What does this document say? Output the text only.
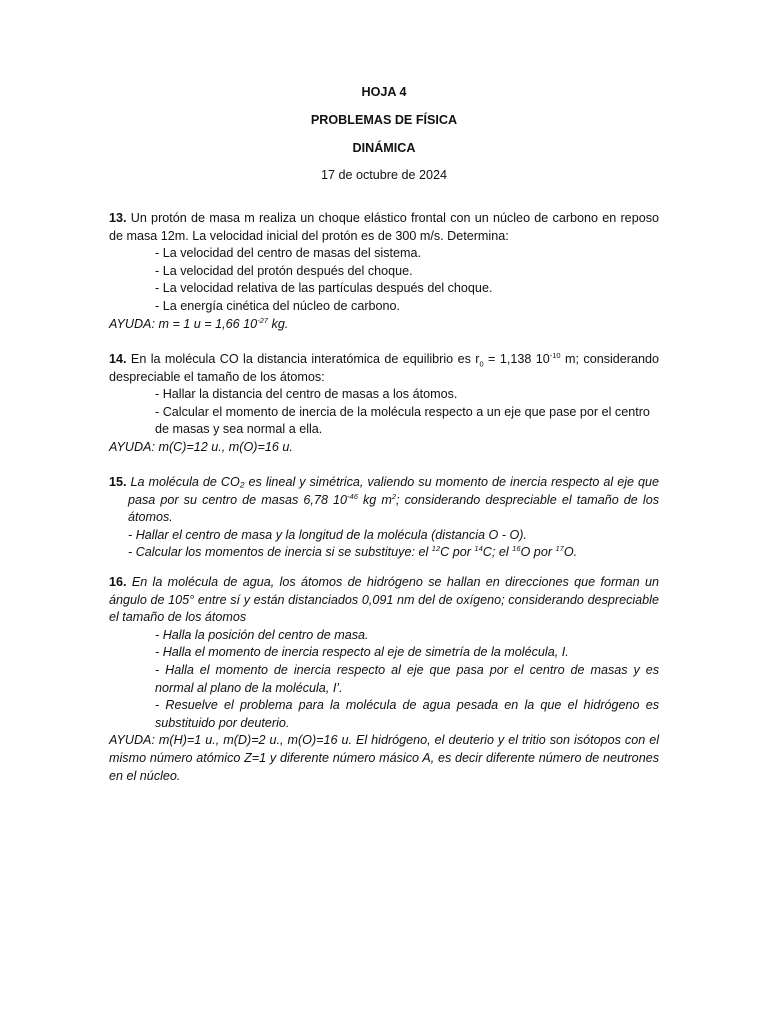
HOJA 4
PROBLEMAS DE FÍSICA
DINÁMICA
17 de octubre de 2024

13. Un protón de masa m realiza un choque elástico frontal con un núcleo de carbono en reposo de masa 12m. La velocidad inicial del protón es de 300 m/s. Determina:

- La velocidad del centro de masas del sistema.

- La velocidad del protón después del choque.

- La velocidad relativa de las partículas después del choque.

- La energía cinética del núcleo de carbono.

AYUDA: m = 1 u = 1,66 $10^{-27}$ kg.

14. En la molécula CO la distancia interatómica de equilibrio es $r_0 = 1,138$ $10^{-10}$ m; considerando despreciable el tamaño de los átomos:

- Hallar la distancia del centro de masas a los átomos.

- Calcular el momento de inercia de la molécula respecto a un eje que pase por el centro de masas y sea normal a ella.

AYUDA: m(C)=12 u., m(O)=16 u.

15. La molécula de CO₂ es lineal y simétrica, valiendo su momento de inercia respecto al eje que pasa por su centro de masas 6,78 $10^{-46}$ kg $m^2$; considerando despreciable el tamaño de los átomos.

- Hallar el centro de masa y la longitud de la molécula (distancia O - O).

- Calcular los momentos de inercia si se substituye: el $^{12}$C por $^{14}$C; el $^{16}$O por $^{17}$O.

16. En la molécula de agua, los átomos de hidrógeno se hallan en direcciones que forman un ángulo de 105° entre sí y están distanciados 0,091 nm del de oxígeno; considerando despreciable el tamaño de los átomos

- Halla la posición del centro de masa.

- Halla el momento de inercia respecto al eje de simetría de la molécula, I.

- Halla el momento de inercia respecto al eje que pasa por el centro de masas y es normal al plano de la molécula, I’.

- Resuelve el problema para la molécula de agua pesada en la que el hidrógeno es substituido por deuterio.

AYUDA: m(H)=1 u., m(D)=2 u., m(O)=16 u. El hidrógeno, el deuterio y el tritio son isótopos con el mismo número atómico Z=1 y diferente número másico A, es decir diferente número de neutrones en el núcleo.
